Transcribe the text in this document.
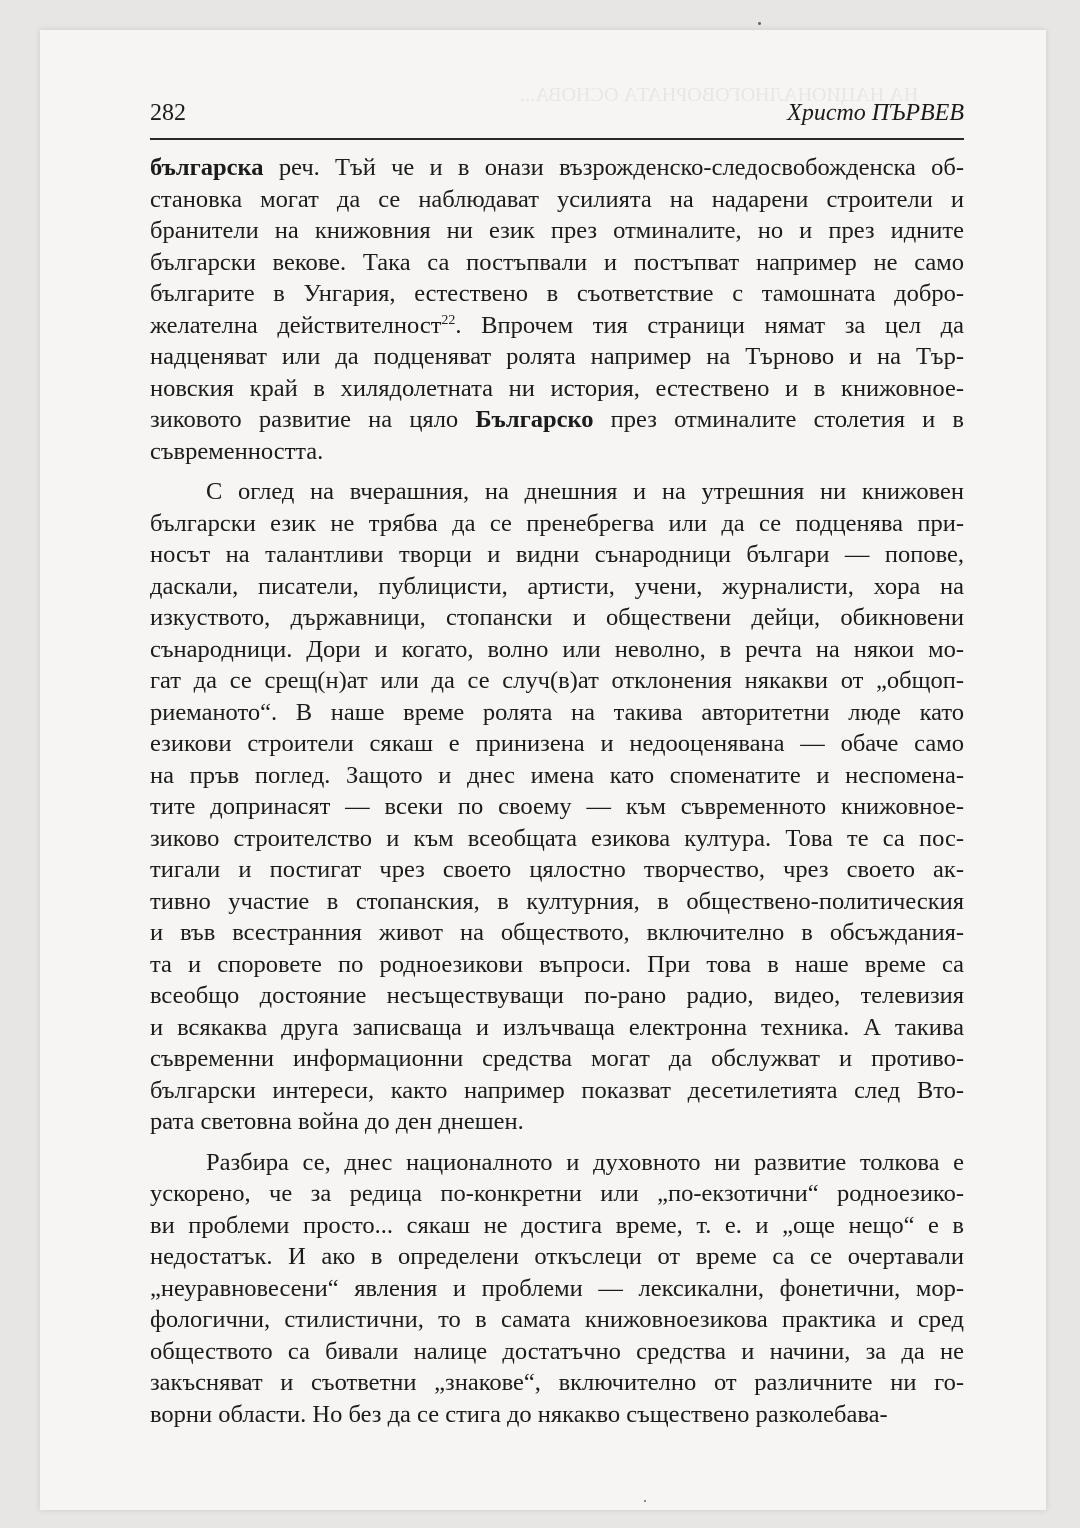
НА НАЦИОНАЛНОГОВОРНАТА ОСНОВА...
282	Христо ПЪРВЕВ

българска реч. Тъй че и в онази възрожденско-следосвобожденска об-
становка могат да се наблюдават усилията на надарени строители и
бранители на книжовния ни език през отминалите, но и през идните
български векове. Така са постъпвали и постъпват например не само
българите в Унгария, естествено в съответствие с тамошната добро-
желателна действителност$^{22}$. Впрочем тия страници нямат за цел да
надценяват или да подценяват ролята например на Търново и на Тър-
новския край в хилядолетната ни история, естествено и в книжовное-
зиковото развитие на цяло Българско през отминалите столетия и в
съвременността.

С оглед на вчерашния, на днешния и на утрешния ни книжовен
български език не трябва да се пренебрегва или да се подценява при-
носът на талантливи творци и видни сънародници българи — попове,
даскали, писатели, публицисти, артисти, учени, журналисти, хора на
изкуството, държавници, стопански и обществени дейци, обикновени
сънародници. Дори и когато, волно или неволно, в речта на някои мо-
гат да се срещ(н)ат или да се случ(в)ат отклонения някакви от „общоп-
риеманото“. В наше време ролята на такива авторитетни люде като
езикови строители сякаш е принизена и недооценявана — обаче само
на пръв поглед. Защото и днес имена като споменатите и неспомена-
тите допринасят — всеки по своему — към съвременното книжовное-
зиково строителство и към всеобщата езикова култура. Това те са пос-
тигали и постигат чрез своето цялостно творчество, чрез своето ак-
тивно участие в стопанския, в културния, в обществено-политическия
и във всестранния живот на обществото, включително в обсъждания-
та и споровете по родноезикови въпроси. При това в наше време са
всеобщо достояние несъществуващи по-рано радио, видео, телевизия
и всякаква друга записваща и излъчваща електронна техника. А такива
съвременни информационни средства могат да обслужват и противо-
български интереси, както например показват десетилетията след Вто-
рата световна война до ден днешен.

Разбира се, днес националното и духовното ни развитие толкова е
ускорено, че за редица по-конкретни или „по-екзотични“ родноезико-
ви проблеми просто... сякаш не достига време, т. е. и „още нещо“ е в
недостатък. И ако в определени откъслеци от време са се очертавали
„неуравновесени“ явления и проблеми — лексикални, фонетични, мор-
фологични, стилистични, то в самата книжовноезикова практика и сред
обществото са бивали налице достатъчно средства и начини, за да не
закъсняват и съответни „знакове“, включително от различните ни го-
ворни области. Но без да се стига до някакво съществено разколебава-
